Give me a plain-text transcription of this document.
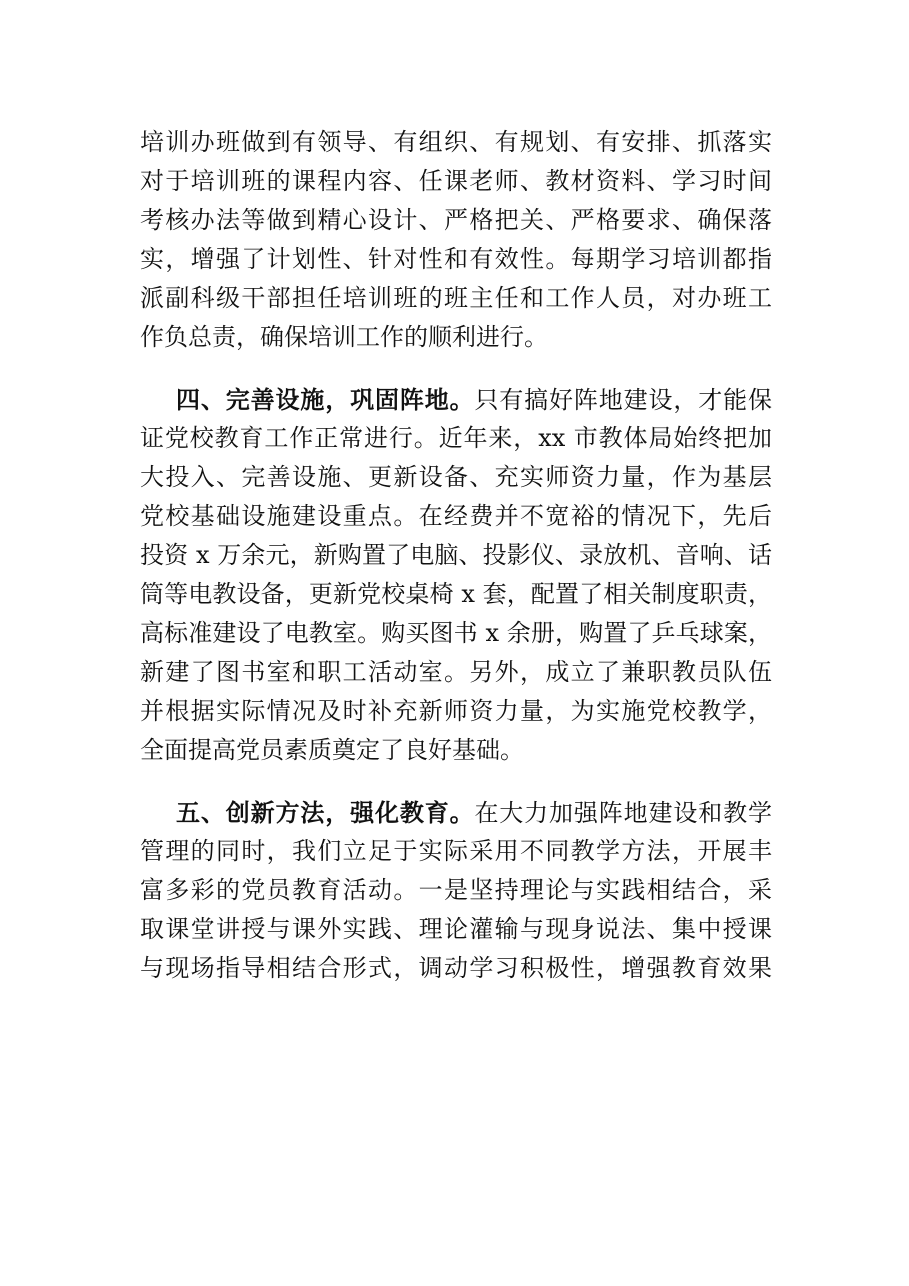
培训办班做到有领导、有组织、有规划、有安排、抓落实
对于培训班的课程内容、任课老师、教材资料、学习时间
考核办法等做到精心设计、严格把关、严格要求、确保落
实，增强了计划性、针对性和有效性。每期学习培训都指
派副科级干部担任培训班的班主任和工作人员，对办班工
作负总责，确保培训工作的顺利进行。
四、完善设施，巩固阵地。只有搞好阵地建设，才能保
证党校教育工作正常进行。近年来，xx 市教体局始终把加
大投入、完善设施、更新设备、充实师资力量，作为基层
党校基础设施建设重点。在经费并不宽裕的情况下，先后
投资 x 万余元，新购置了电脑、投影仪、录放机、音响、话
筒等电教设备，更新党校桌椅 x 套，配置了相关制度职责，
高标准建设了电教室。购买图书 x 余册，购置了乒乓球案，
新建了图书室和职工活动室。另外，成立了兼职教员队伍
并根据实际情况及时补充新师资力量，为实施党校教学，
全面提高党员素质奠定了良好基础。
五、创新方法，强化教育。在大力加强阵地建设和教学
管理的同时，我们立足于实际采用不同教学方法，开展丰
富多彩的党员教育活动。一是坚持理论与实践相结合，采
取课堂讲授与课外实践、理论灌输与现身说法、集中授课
与现场指导相结合形式，调动学习积极性，增强教育效果
